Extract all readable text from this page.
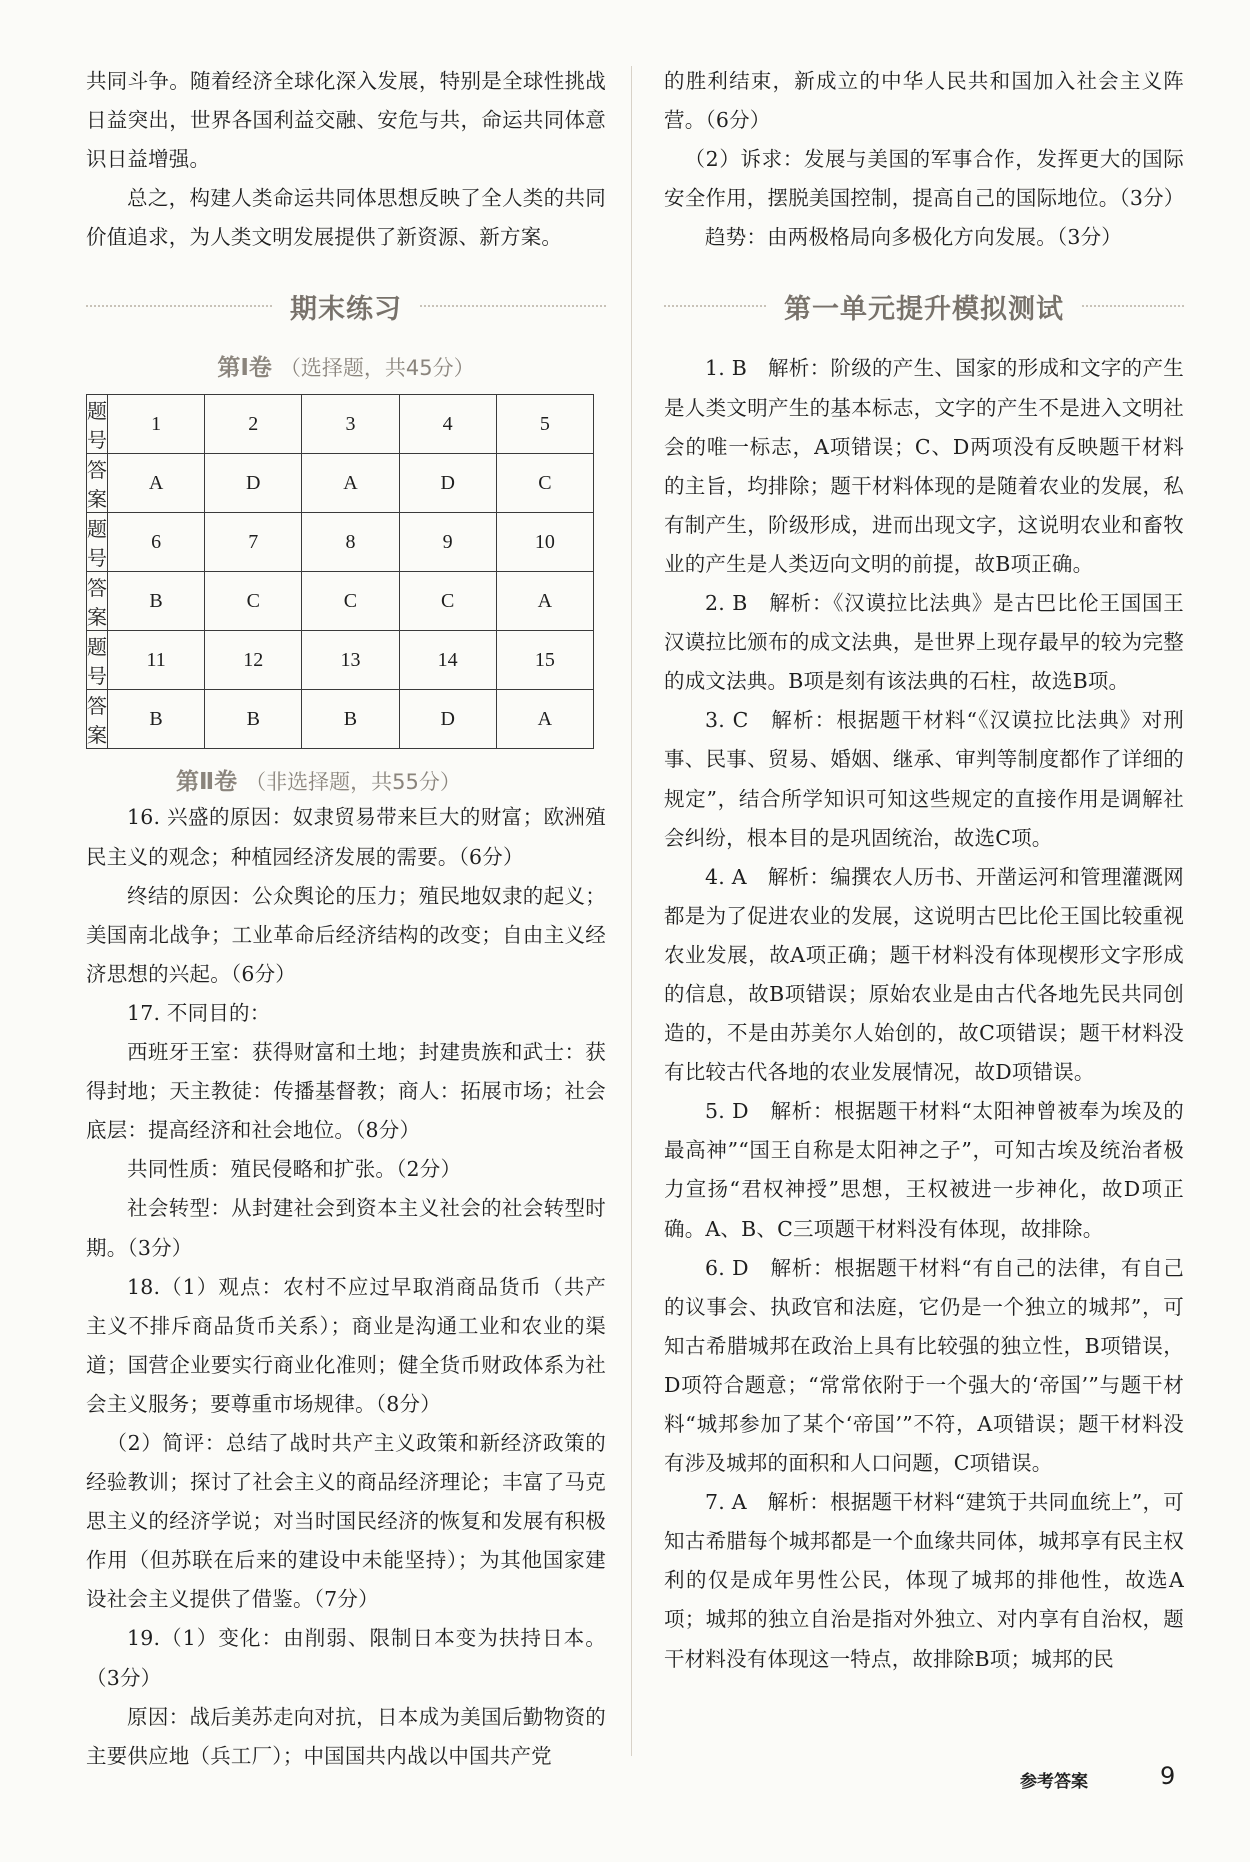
共同斗争。随着经济全球化深入发展，特别是全球性挑战日益突出，世界各国利益交融、安危与共，命运共同体意识日益增强。

总之，构建人类命运共同体思想反映了全人类的共同价值追求，为人类文明发展提供了新资源、新方案。

期末练习
第Ⅰ卷 （选择题，共45分）
题号	1	2	3	4	5
答案	A	D	A	D	C
题号	6	7	8	9	10
答案	B	C	C	C	A
题号	11	12	13	14	15
答案	B	B	B	D	A
第Ⅱ卷 （非选择题，共55分）

16. 兴盛的原因：奴隶贸易带来巨大的财富；欧洲殖民主义的观念；种植园经济发展的需要。（6分）

终结的原因：公众舆论的压力；殖民地奴隶的起义；美国南北战争；工业革命后经济结构的改变；自由主义经济思想的兴起。（6分）

17. 不同目的：

西班牙王室：获得财富和土地；封建贵族和武士：获得封地；天主教徒：传播基督教；商人：拓展市场；社会底层：提高经济和社会地位。（8分）

共同性质：殖民侵略和扩张。（2分）

社会转型：从封建社会到资本主义社会的社会转型时期。（3分）

18.（1）观点：农村不应过早取消商品货币（共产主义不排斥商品货币关系）；商业是沟通工业和农业的渠道；国营企业要实行商业化准则；健全货币财政体系为社会主义服务；要尊重市场规律。（8分）

（2）简评：总结了战时共产主义政策和新经济政策的经验教训；探讨了社会主义的商品经济理论；丰富了马克思主义的经济学说；对当时国民经济的恢复和发展有积极作用（但苏联在后来的建设中未能坚持）；为其他国家建设社会主义提供了借鉴。（7分）

19.（1）变化：由削弱、限制日本变为扶持日本。（3分）

原因：战后美苏走向对抗，日本成为美国后勤物资的主要供应地（兵工厂）；中国国共内战以中国共产党

的胜利结束，新成立的中华人民共和国加入社会主义阵营。（6分）

（2）诉求：发展与美国的军事合作，发挥更大的国际安全作用，摆脱美国控制，提高自己的国际地位。（3分）

趋势：由两极格局向多极化方向发展。（3分）

第一单元提升模拟测试

1. B　解析：阶级的产生、国家的形成和文字的产生是人类文明产生的基本标志，文字的产生不是进入文明社会的唯一标志，A项错误；C、D两项没有反映题干材料的主旨，均排除；题干材料体现的是随着农业的发展，私有制产生，阶级形成，进而出现文字，这说明农业和畜牧业的产生是人类迈向文明的前提，故B项正确。

2. B　解析：《汉谟拉比法典》是古巴比伦王国国王汉谟拉比颁布的成文法典，是世界上现存最早的较为完整的成文法典。B项是刻有该法典的石柱，故选B项。

3. C　解析：根据题干材料“《汉谟拉比法典》对刑事、民事、贸易、婚姻、继承、审判等制度都作了详细的规定”，结合所学知识可知这些规定的直接作用是调解社会纠纷，根本目的是巩固统治，故选C项。

4. A　解析：编撰农人历书、开凿运河和管理灌溉网都是为了促进农业的发展，这说明古巴比伦王国比较重视农业发展，故A项正确；题干材料没有体现楔形文字形成的信息，故B项错误；原始农业是由古代各地先民共同创造的，不是由苏美尔人始创的，故C项错误；题干材料没有比较古代各地的农业发展情况，故D项错误。

5. D　解析：根据题干材料“太阳神曾被奉为埃及的最高神”“国王自称是太阳神之子”，可知古埃及统治者极力宣扬“君权神授”思想，王权被进一步神化，故D项正确。A、B、C三项题干材料没有体现，故排除。

6. D　解析：根据题干材料“有自己的法律，有自己的议事会、执政官和法庭，它仍是一个独立的城邦”，可知古希腊城邦在政治上具有比较强的独立性，B项错误，D项符合题意；“常常依附于一个强大的‘帝国’”与题干材料“城邦参加了某个‘帝国’”不符，A项错误；题干材料没有涉及城邦的面积和人口问题，C项错误。

7. A　解析：根据题干材料“建筑于共同血统上”，可知古希腊每个城邦都是一个血缘共同体，城邦享有民主权利的仅是成年男性公民，体现了城邦的排他性，故选A项；城邦的独立自治是指对外独立、对内享有自治权，题干材料没有体现这一特点，故排除B项；城邦的民

参考答案	9
